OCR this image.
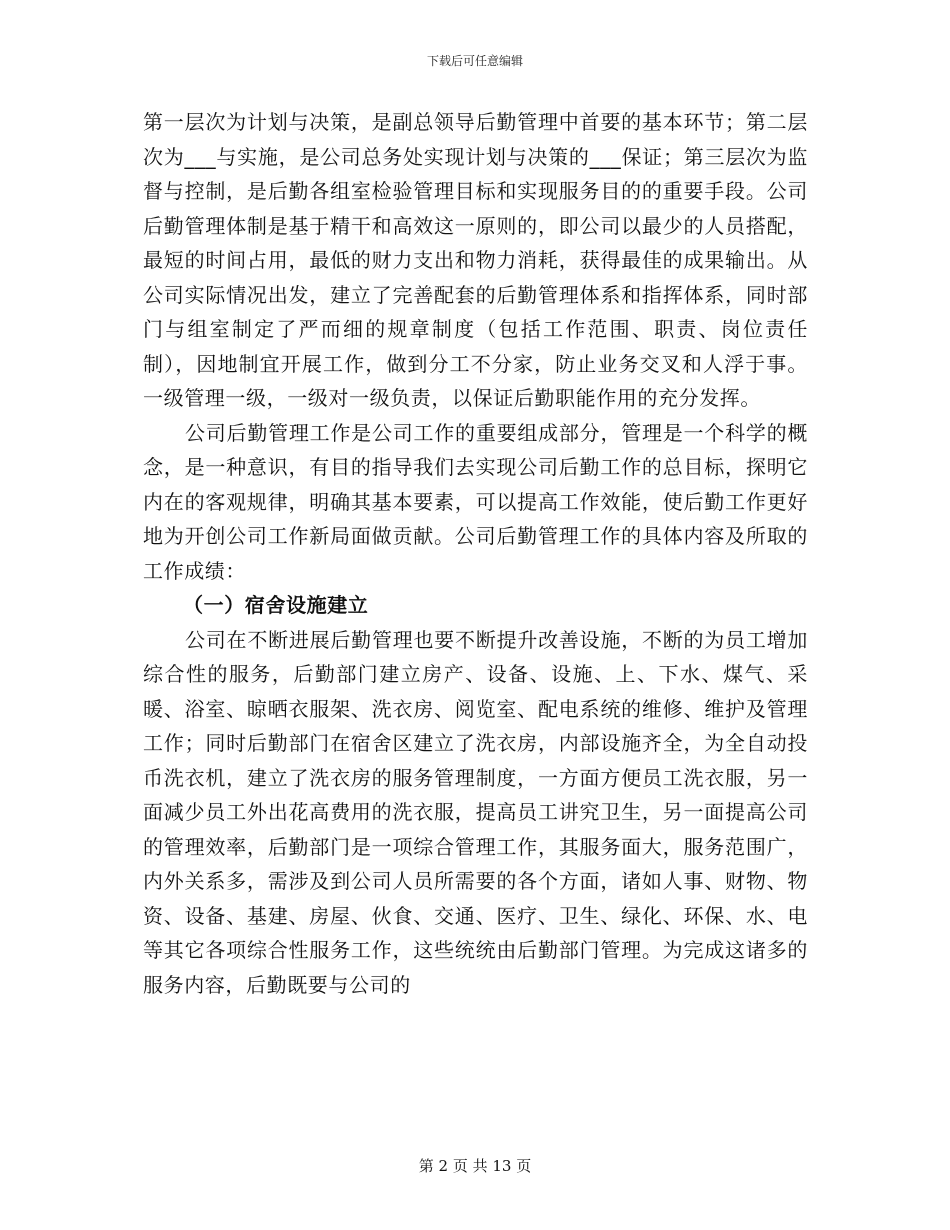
下载后可任意编辑

第一层次为计划与决策，是副总领导后勤管理中首要的基本环节；第二层次为___与实施，是公司总务处实现计划与决策的___保证；第三层次为监督与控制，是后勤各组室检验管理目标和实现服务目的的重要手段。公司后勤管理体制是基于精干和高效这一原则的，即公司以最少的人员搭配，最短的时间占用，最低的财力支出和物力消耗，获得最佳的成果输出。从公司实际情况出发，建立了完善配套的后勤管理体系和指挥体系，同时部门与组室制定了严而细的规章制度（包括工作范围、职责、岗位责任制），因地制宜开展工作，做到分工不分家，防止业务交叉和人浮于事。一级管理一级，一级对一级负责，以保证后勤职能作用的充分发挥。

公司后勤管理工作是公司工作的重要组成部分，管理是一个科学的概念，是一种意识，有目的指导我们去实现公司后勤工作的总目标，探明它内在的客观规律，明确其基本要素，可以提高工作效能，使后勤工作更好地为开创公司工作新局面做贡献。公司后勤管理工作的具体内容及所取的工作成绩：

（一）宿舍设施建立

公司在不断进展后勤管理也要不断提升改善设施，不断的为员工增加综合性的服务，后勤部门建立房产、设备、设施、上、下水、煤气、采暖、浴室、晾晒衣服架、洗衣房、阅览室、配电系统的维修、维护及管理工作；同时后勤部门在宿舍区建立了洗衣房，内部设施齐全，为全自动投币洗衣机，建立了洗衣房的服务管理制度，一方面方便员工洗衣服，另一面减少员工外出花高费用的洗衣服，提高员工讲究卫生，另一面提高公司的管理效率，后勤部门是一项综合管理工作，其服务面大，服务范围广，内外关系多，需涉及到公司人员所需要的各个方面，诸如人事、财物、物资、设备、基建、房屋、伙食、交通、医疗、卫生、绿化、环保、水、电等其它各项综合性服务工作，这些统统由后勤部门管理。为完成这诸多的服务内容，后勤既要与公司的

第 2 页 共 13 页
